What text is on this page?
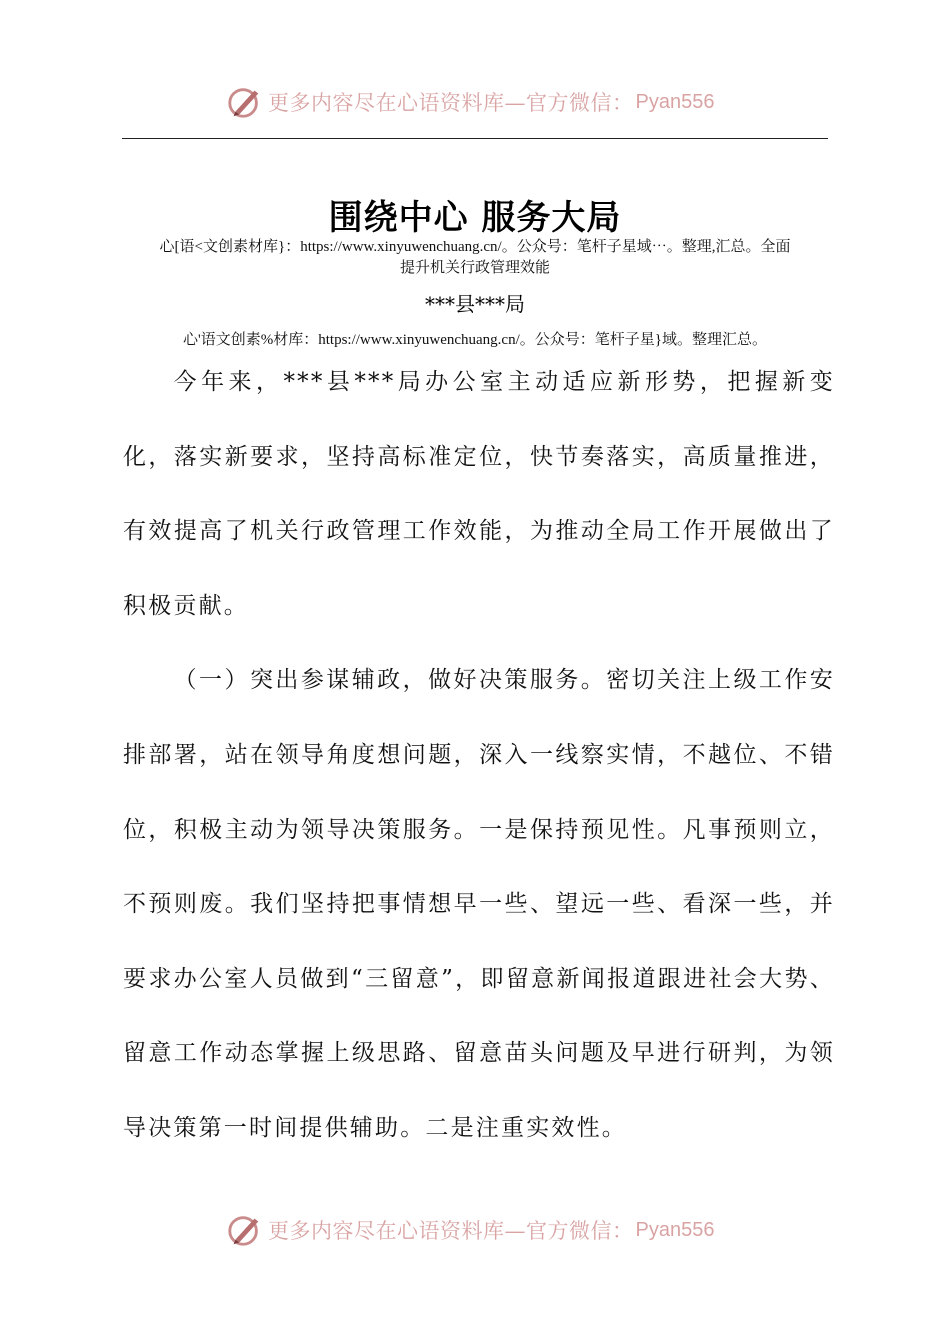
更多内容尽在心语资料库—官方微信： Pyan556
围绕中心 服务大局
心[语<文创素材库}：https://www.xinyuwenchuang.cn/。公众号：笔杆子星域⋯。整理,汇总。全面
提升机关行政管理效能
***县***局
心'语文创素%材库：https://www.xinyuwenchuang.cn/。公众号：笔杆子星}域。整理汇总。

今年来，***县***局办公室主动适应新形势，把握新变化，落实新要求，坚持高标准定位，快节奏落实，高质量推进，有效提高了机关行政管理工作效能，为推动全局工作开展做出了积极贡献。

（一）突出参谋辅政，做好决策服务。密切关注上级工作安排部署，站在领导角度想问题，深入一线察实情，不越位、不错位，积极主动为领导决策服务。一是保持预见性。凡事预则立，不预则废。我们坚持把事情想早一些、望远一些、看深一些，并要求办公室人员做到“三留意”，即留意新闻报道跟进社会大势、留意工作动态掌握上级思路、留意苗头问题及早进行研判，为领导决策第一时间提供辅助。二是注重实效性。

更多内容尽在心语资料库—官方微信： Pyan556
